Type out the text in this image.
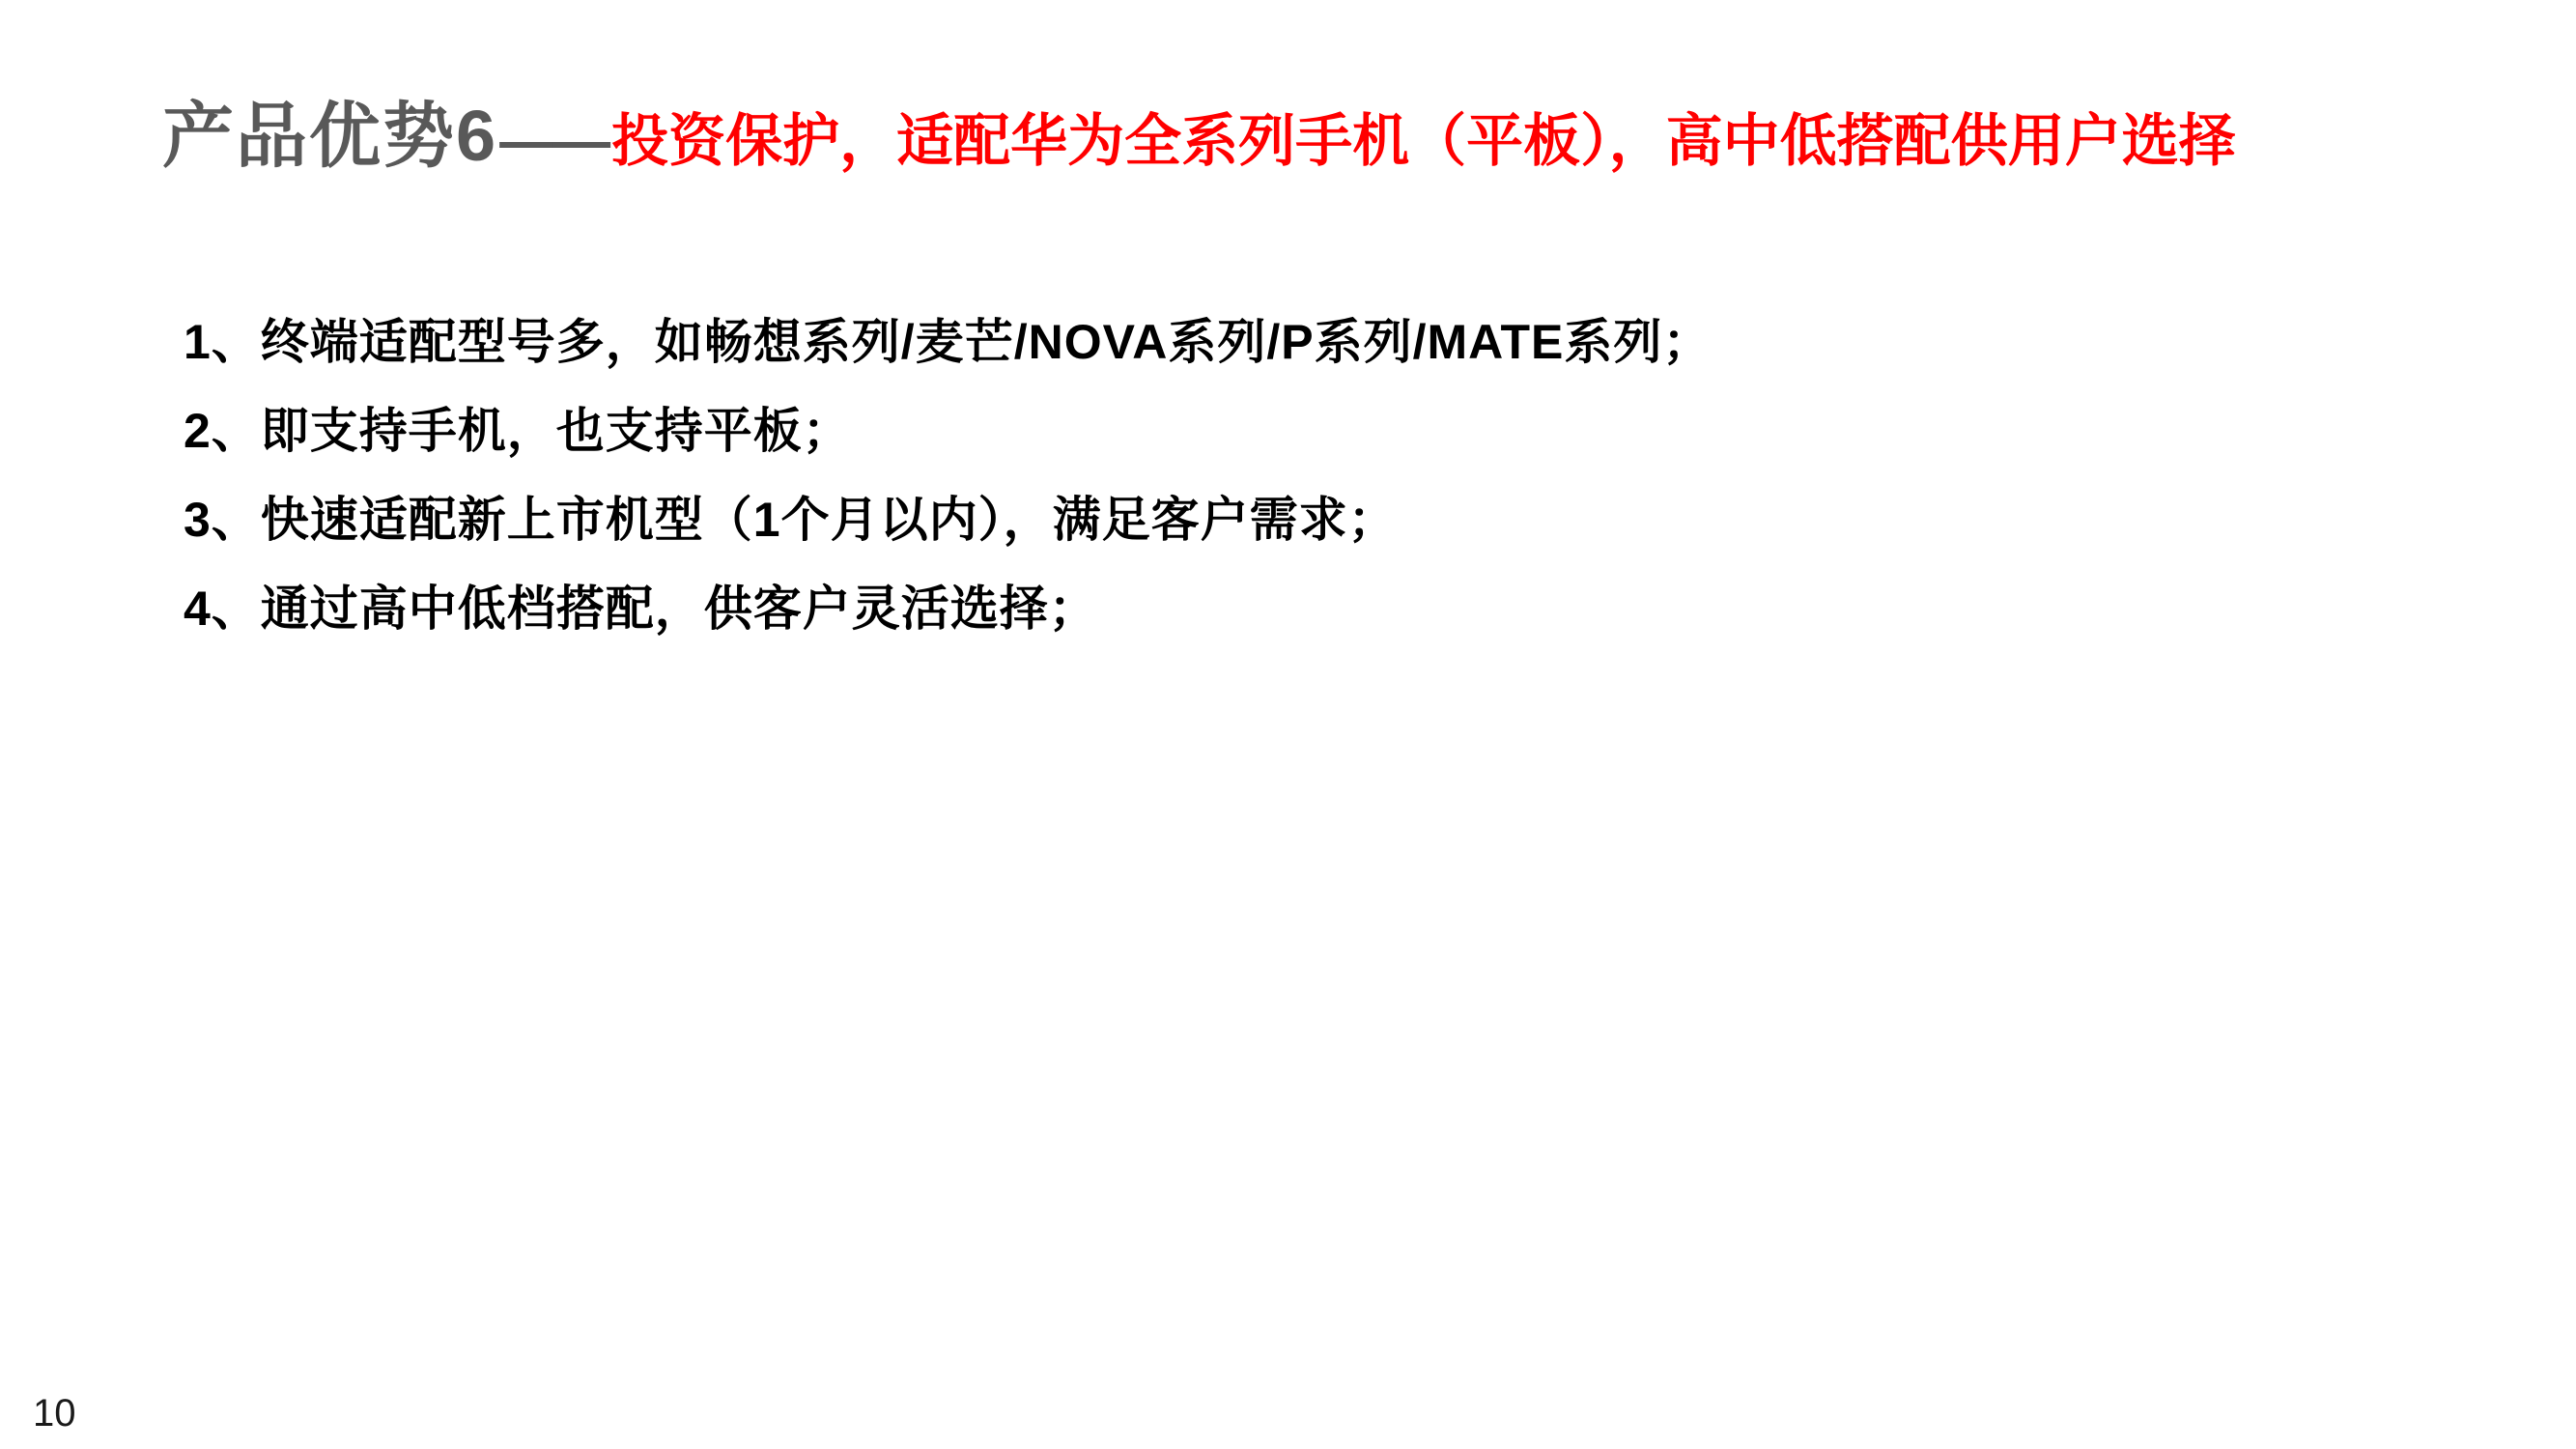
产品优势6 —— 投资保护，适配华为全系列手机（平板），高中低搭配供用户选择
1、终端适配型号多，如畅想系列/麦芒/NOVA系列/P系列/MATE系列；
2、即支持手机，也支持平板；
3、快速适配新上市机型（1个月以内），满足客户需求；
4、通过高中低档搭配，供客户灵活选择；
10
